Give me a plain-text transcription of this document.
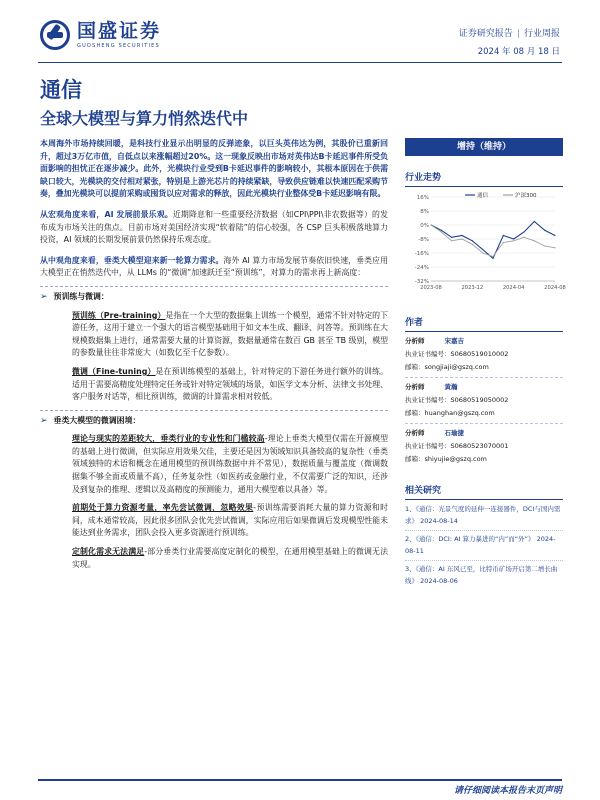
国盛证券
GUOSHENG SECURITIES
证券研究报告 | 行业周报
2024 年 08 月 18 日
通信
全球大模型与算力悄然迭代中
本周海外市场持续回暖，是科技行业显示出明显的反弹迹象，以巨头英伟达为例，其股价已重新回升，超过3万亿市值，自低点以来涨幅超过20%。这一现象反映出市场对英伟达B卡延迟事件所受负面影响的担忧正在逐步减少。此外，光模块行业受到B卡延迟事件的影响较小，其根本原因在于供需缺口较大，光模块的交付相对紧张，特别是上游光芯片的持续紧缺，导致供应链难以快速匹配采购节奏，叠加光模块可以提前采购或囤货以应对需求的释放，因此光模块行业整体受B卡延迟影响有限。
从宏观角度来看，AI 发展前景乐观。近期降息和一些重要经济数据（如CPI\PPI\非农数据等）的发布成为市场关注的焦点。目前市场对美国经济实现“软着陆”的信心较强，各 CSP 巨头积极落地算力投资，AI 领域的长期发展前景仍然保持乐观态度。
从中观角度来看，垂类大模型迎来新一轮算力需求。海外 AI 算力市场发展节奏依旧快速，垂类应用大模型正在悄然迭代中，从 LLMs 的“微调”加速跃迁至“预训练”，对算力的需求再上新高度：
➢ 预训练与微调：
预训练（Pre-training）是指在一个大型的数据集上训练一个模型，通常不针对特定的下游任务，这用于建立一个强大的语言模型基础用于如文本生成、翻译、问答等。预训练在大规模数据集上进行，通常需要大量的计算资源，数据量通常在数百 GB 甚至 TB 级别，模型的参数量往往非常庞大（如数亿至千亿参数）。
微调（Fine-tuning）是在预训练模型的基础上，针对特定的下游任务进行额外的训练。适用于需要高精度处理特定任务或针对特定领域的场景，如医学文本分析、法律文书处理、客户服务对话等，相比预训练，微调的计算需求相对较低。
➢ 垂类大模型的微调困境：
理论与现实的差距较大，垂类行业的专业性和门槛较高-理论上垂类大模型仅需在开源模型的基础上进行微调，但实际应用效果欠佳，主要还是因为领域知识具备较高的复杂性（垂类领域独特的术语和概念在通用模型的预训练数据中并不常见），数据质量与覆盖度（微调数据集不够全面或质量不高），任务复杂性（如医药或金融行业，不仅需要广泛的知识，还涉及到复杂的推理、逻辑以及高精度的预测能力，通用大模型难以具备）等。
前期处于算力资源考量，率先尝试微调，忽略效果-预训练需要消耗大量的算力资源和时间，成本通常较高，因此很多团队会优先尝试微调，实际应用后如果微调后发现模型性能未能达到业务需求，团队会投入更多资源进行预训练。
定制化需求无法满足-部分垂类行业需要高度定制化的模型，在通用模型基础上的微调无法实现。
增持（维持）
行业走势
16%
8%
0%
-8%
-16%
-24%
-32%
2023-08	2023-12	2024-04	2024-08
通信	沪深300
作者
分析师	宋嘉吉
执业证书编号： S0680519010002
邮箱： songjiaji@gszq.com
分析师	黄瀚
执业证书编号： S0680519050002
邮箱： huanghan@gszq.com
分析师	石瑜捷
执业证书编号： S0680523070001
邮箱： shiyujie@gszq.com
相关研究
1、《通信：光景气度的延伸一连接器件，DCI与国内需求》 2024-08-14
2、《通信：DCI: AI 算力暴进的“内”而“外”》 2024-08-11
3、《通信：AI 东风已至，比特币矿场开启第二增长曲线》 2024-08-06
请仔细阅读本报告末页声明
